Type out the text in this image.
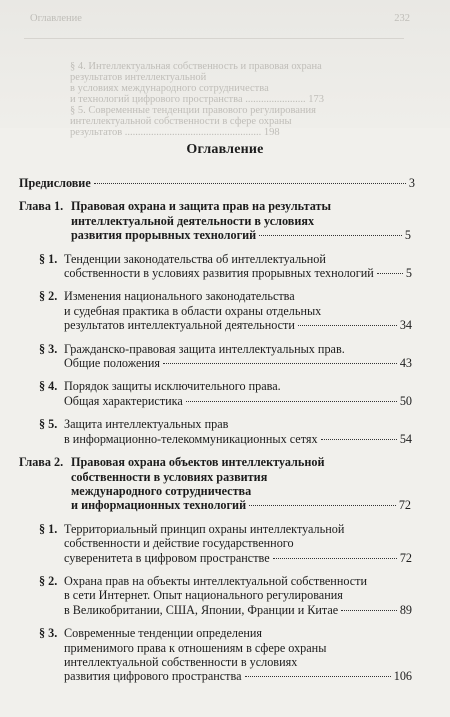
Оглавление	232
§ 4. Интеллектуальная собственность и правовая охрана
результатов интеллектуальной
в условиях международного сотрудничества
и технологий цифрового пространства ....................... 173
§ 5. Современные тенденции правового регулирования
интеллектуальной собственности в сфере охраны
результатов .................................................... 198
Оглавление
Предисловие	3
Глава 1. Правовая охрана и защита прав на результаты
интеллектуальной деятельности в условиях
развития прорывных технологий	5
§ 1. Тенденции законодательства об интеллектуальной
собственности в условиях развития прорывных технологий	5
§ 2. Изменения национального законодательства
и судебная практика в области охраны отдельных
результатов интеллектуальной деятельности	34
§ 3. Гражданско-правовая защита интеллектуальных прав.
Общие положения	43
§ 4. Порядок защиты исключительного права.
Общая характеристика	50
§ 5. Защита интеллектуальных прав
в информационно-телекоммуникационных сетях	54
Глава 2. Правовая охрана объектов интеллектуальной
собственности в условиях развития
международного сотрудничества
и информационных технологий	72
§ 1. Территориальный принцип охраны интеллектуальной
собственности и действие государственного
суверенитета в цифровом пространстве	72
§ 2. Охрана прав на объекты интеллектуальной собственности
в сети Интернет. Опыт национального регулирования
в Великобритании, США, Японии, Франции и Китае	89
§ 3. Современные тенденции определения
применимого права к отношениям в сфере охраны
интеллектуальной собственности в условиях
развития цифрового пространства	106
